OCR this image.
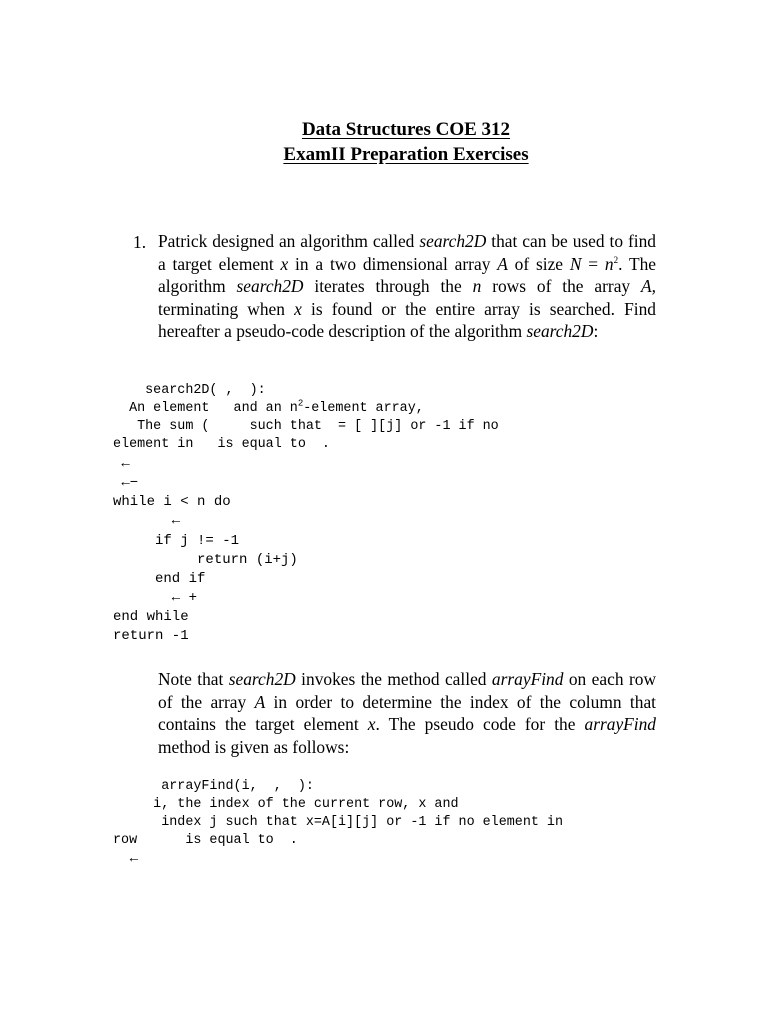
Data Structures COE 312
ExamII Preparation Exercises
1. Patrick designed an algorithm called search2D that can be used to find a target element x in a two dimensional array A of size $N = n^2$. The algorithm search2D iterates through the n rows of the array A, terminating when x is found or the entire array is searched. Find hereafter a pseudo-code description of the algorithm search2D:
search2D( ,  ):
An element   and an $n^2$-element array,
The sum (     such that  = [ ][j] or -1 if no
element in   is equal to  .
←
←−
while i < n do
←
if j != -1
return (i+j)
end if
← +
end while
return -1
Note that search2D invokes the method called arrayFind on each row of the array A in order to determine the index of the column that contains the target element x. The pseudo code for the arrayFind method is given as follows:
arrayFind(i,  ,  ):
i, the index of the current row, x and
index j such that x=A[i][j] or -1 if no element in
row      is equal to  .
←
